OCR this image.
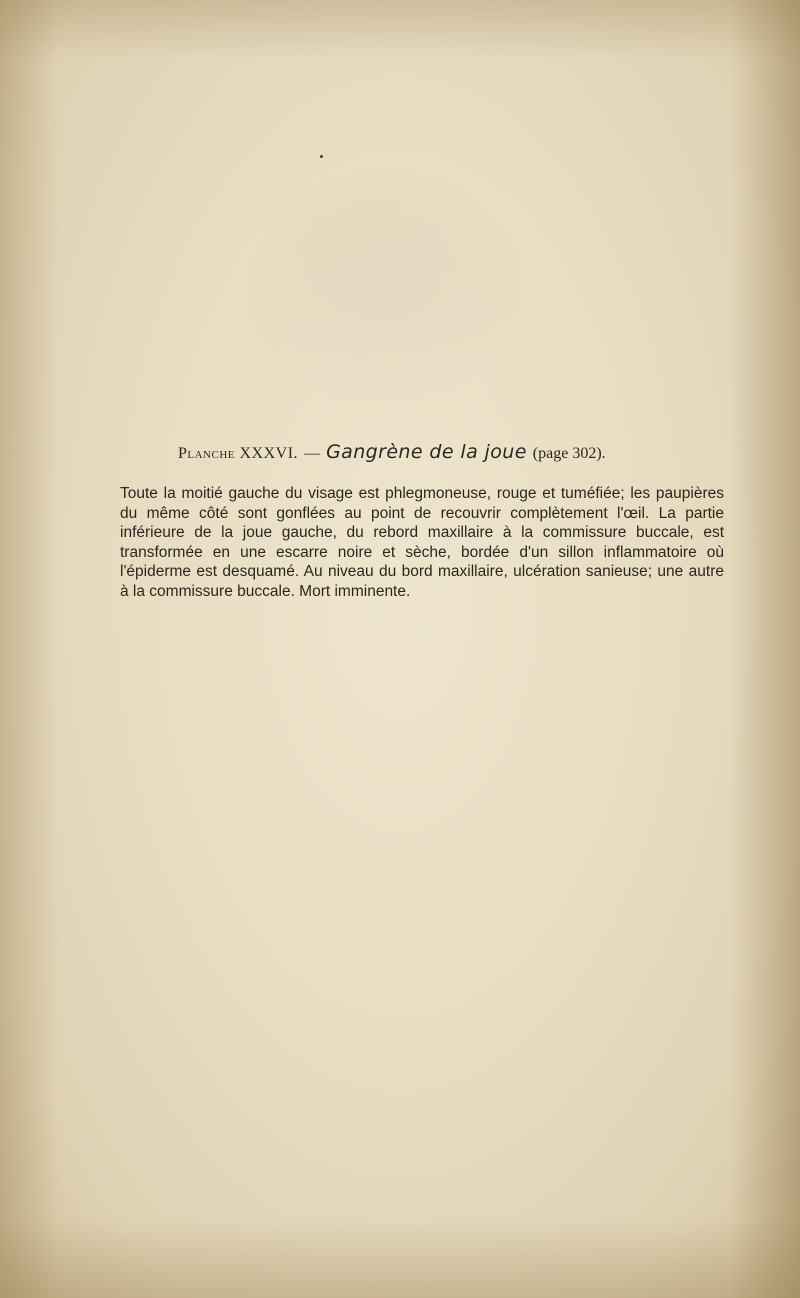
Planche XXXVI. — Gangrène de la joue (page 302).

Toute la moitié gauche du visage est phlegmoneuse, rouge et tuméfiée; les paupières du même côté sont gonflées au point de recouvrir complètement l'œil. La partie inférieure de la joue gauche, du rebord maxillaire à la commissure buccale, est transformée en une escarre noire et sèche, bordée d'un sillon inflammatoire où l'épiderme est desquamé. Au niveau du bord maxillaire, ulcération sanieuse; une autre à la commissure buccale. Mort imminente.
